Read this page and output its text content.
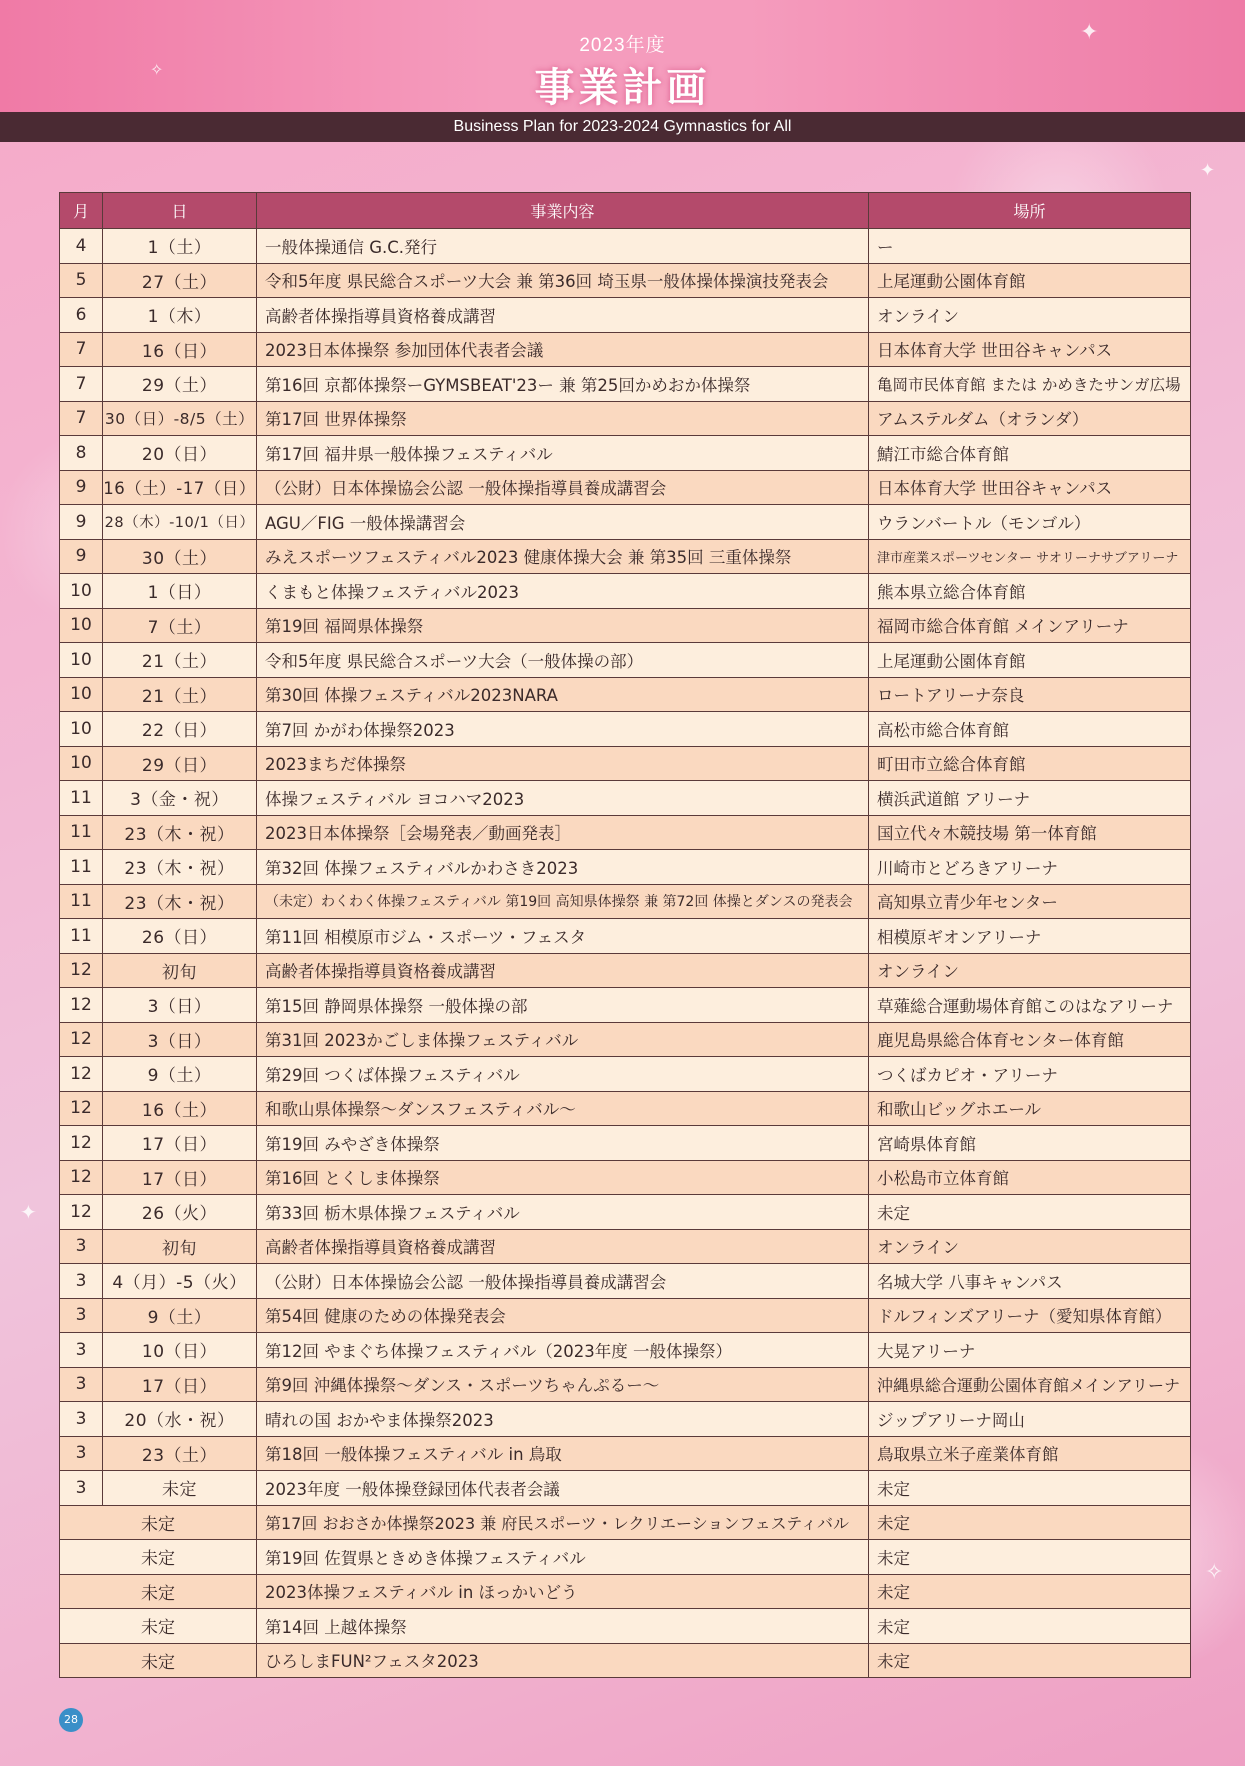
✦
✧
✦
✦
✧
2023年度
事業計画
Business Plan for 2023-2024 Gymnastics for All
月	日	事業内容	場所
4	1（土）	一般体操通信 G.C.発行	ー
5	27（土）	令和5年度 県民総合スポーツ大会 兼 第36回 埼玉県一般体操体操演技発表会	上尾運動公園体育館
6	1（木）	高齢者体操指導員資格養成講習	オンライン
7	16（日）	2023日本体操祭 参加団体代表者会議	日本体育大学 世田谷キャンパス
7	29（土）	第16回 京都体操祭ーGYMSBEAT'23ー 兼 第25回かめおか体操祭	亀岡市民体育館 または かめきたサンガ広場
7	30（日）-8/5（土）	第17回 世界体操祭	アムステルダム（オランダ）
8	20（日）	第17回 福井県一般体操フェスティバル	鯖江市総合体育館
9	16（土）-17（日）	（公財）日本体操協会公認 一般体操指導員養成講習会	日本体育大学 世田谷キャンパス
9	28（木）-10/1（日）	AGU／FIG 一般体操講習会	ウランバートル（モンゴル）
9	30（土）	みえスポーツフェスティバル2023 健康体操大会 兼 第35回 三重体操祭	津市産業スポーツセンター サオリーナサブアリーナ
10	1（日）	くまもと体操フェスティバル2023	熊本県立総合体育館
10	7（土）	第19回 福岡県体操祭	福岡市総合体育館 メインアリーナ
10	21（土）	令和5年度 県民総合スポーツ大会（一般体操の部）	上尾運動公園体育館
10	21（土）	第30回 体操フェスティバル2023NARA	ロートアリーナ奈良
10	22（日）	第7回 かがわ体操祭2023	高松市総合体育館
10	29（日）	2023まちだ体操祭	町田市立総合体育館
11	3（金・祝）	体操フェスティバル ヨコハマ2023	横浜武道館 アリーナ
11	23（木・祝）	2023日本体操祭［会場発表／動画発表］	国立代々木競技場 第一体育館
11	23（木・祝）	第32回 体操フェスティバルかわさき2023	川崎市とどろきアリーナ
11	23（木・祝）	（未定）わくわく体操フェスティバル 第19回 高知県体操祭 兼 第72回 体操とダンスの発表会	高知県立青少年センター
11	26（日）	第11回 相模原市ジム・スポーツ・フェスタ	相模原ギオンアリーナ
12	初旬	高齢者体操指導員資格養成講習	オンライン
12	3（日）	第15回 静岡県体操祭 一般体操の部	草薙総合運動場体育館このはなアリーナ
12	3（日）	第31回 2023かごしま体操フェスティバル	鹿児島県総合体育センター体育館
12	9（土）	第29回 つくば体操フェスティバル	つくばカピオ・アリーナ
12	16（土）	和歌山県体操祭〜ダンスフェスティバル〜	和歌山ビッグホエール
12	17（日）	第19回 みやざき体操祭	宮崎県体育館
12	17（日）	第16回 とくしま体操祭	小松島市立体育館
12	26（火）	第33回 栃木県体操フェスティバル	未定
3	初旬	高齢者体操指導員資格養成講習	オンライン
3	4（月）-5（火）	（公財）日本体操協会公認 一般体操指導員養成講習会	名城大学 八事キャンパス
3	9（土）	第54回 健康のための体操発表会	ドルフィンズアリーナ（愛知県体育館）
3	10（日）	第12回 やまぐち体操フェスティバル（2023年度 一般体操祭）	大晃アリーナ
3	17（日）	第9回 沖縄体操祭〜ダンス・スポーツちゃんぷるー〜	沖縄県総合運動公園体育館メインアリーナ
3	20（水・祝）	晴れの国 おかやま体操祭2023	ジップアリーナ岡山
3	23（土）	第18回 一般体操フェスティバル in 鳥取	鳥取県立米子産業体育館
3	未定	2023年度 一般体操登録団体代表者会議	未定
未定		第17回 おおさか体操祭2023 兼 府民スポーツ・レクリエーションフェスティバル	未定
未定		第19回 佐賀県ときめき体操フェスティバル	未定
未定		2023体操フェスティバル in ほっかいどう	未定
未定		第14回 上越体操祭	未定
未定		ひろしまFUN²フェスタ2023	未定
28
